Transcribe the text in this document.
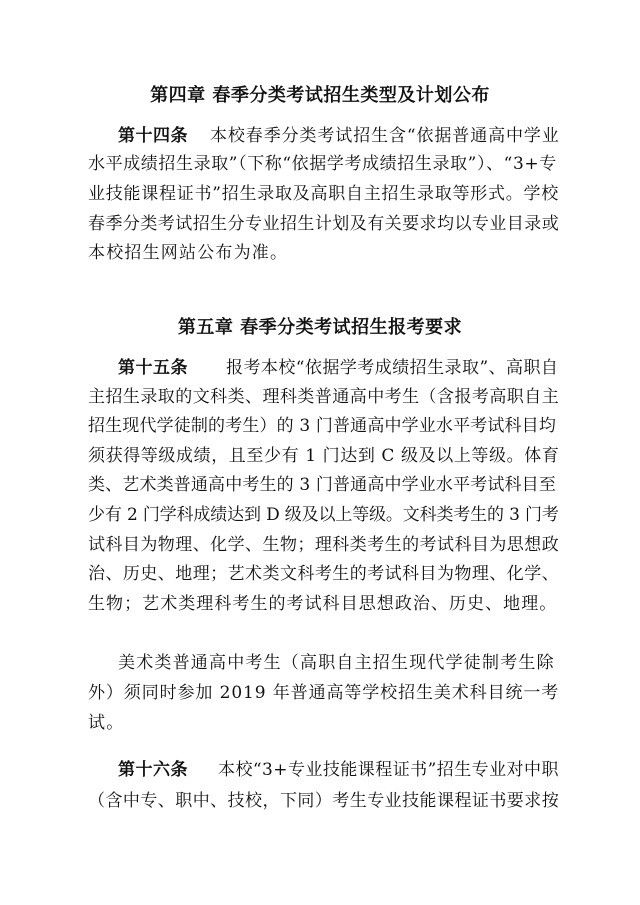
第四章 春季分类考试招生类型及计划公布
第十四条 本校春季分类考试招生含“依据普通高中学业
水平成绩招生录取”（下称“依据学考成绩招生录取”）、“3+专
业技能课程证书”招生录取及高职自主招生录取等形式。学校
春季分类考试招生分专业招生计划及有关要求均以专业目录或
本校招生网站公布为准。
第五章 春季分类考试招生报考要求
第十五条 报考本校“依据学考成绩招生录取”、高职自
主招生录取的文科类、理科类普通高中考生（含报考高职自主
招生现代学徒制的考生）的 3 门普通高中学业水平考试科目均
须获得等级成绩，且至少有 1 门达到 C 级及以上等级。体育
类、艺术类普通高中考生的 3 门普通高中学业水平考试科目至
少有 2 门学科成绩达到 D 级及以上等级。文科类考生的 3 门考
试科目为物理、化学、生物；理科类考生的考试科目为思想政
治、历史、地理；艺术类文科考生的考试科目为物理、化学、
生物；艺术类理科考生的考试科目思想政治、历史、地理。
美术类普通高中考生（高职自主招生现代学徒制考生除
外）须同时参加 2019 年普通高等学校招生美术科目统一考
试。
第十六条 本校“3+专业技能课程证书”招生专业对中职
（含中专、职中、技校，下同）考生专业技能课程证书要求按
